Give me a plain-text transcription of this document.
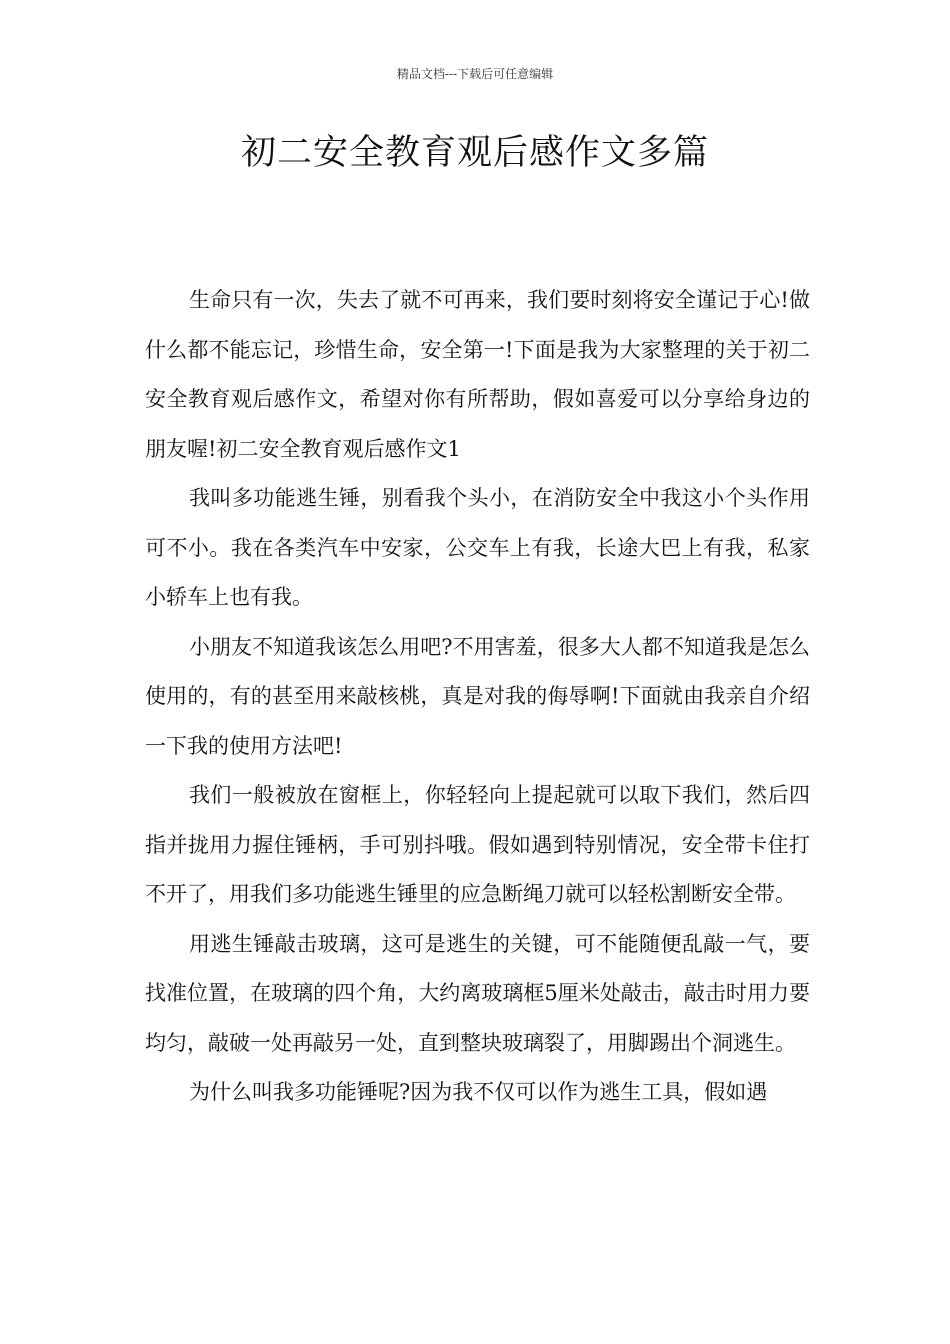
精品文档---下载后可任意编辑
初二安全教育观后感作文多篇

生命只有一次，失去了就不可再来，我们要时刻将安全谨记于心!做什么都不能忘记，珍惜生命，安全第一!下面是我为大家整理的关于初二安全教育观后感作文，希望对你有所帮助，假如喜爱可以分享给身边的朋友喔!初二安全教育观后感作文1

我叫多功能逃生锤，别看我个头小，在消防安全中我这小个头作用可不小。我在各类汽车中安家，公交车上有我，长途大巴上有我，私家小轿车上也有我。

小朋友不知道我该怎么用吧?不用害羞，很多大人都不知道我是怎么使用的，有的甚至用来敲核桃，真是对我的侮辱啊!下面就由我亲自介绍一下我的使用方法吧!

我们一般被放在窗框上，你轻轻向上提起就可以取下我们，然后四指并拢用力握住锤柄，手可别抖哦。假如遇到特别情况，安全带卡住打不开了，用我们多功能逃生锤里的应急断绳刀就可以轻松割断安全带。

用逃生锤敲击玻璃，这可是逃生的关键，可不能随便乱敲一气，要找准位置，在玻璃的四个角，大约离玻璃框5厘米处敲击，敲击时用力要均匀，敲破一处再敲另一处，直到整块玻璃裂了，用脚踢出个洞逃生。

为什么叫我多功能锤呢?因为我不仅可以作为逃生工具，假如遇
